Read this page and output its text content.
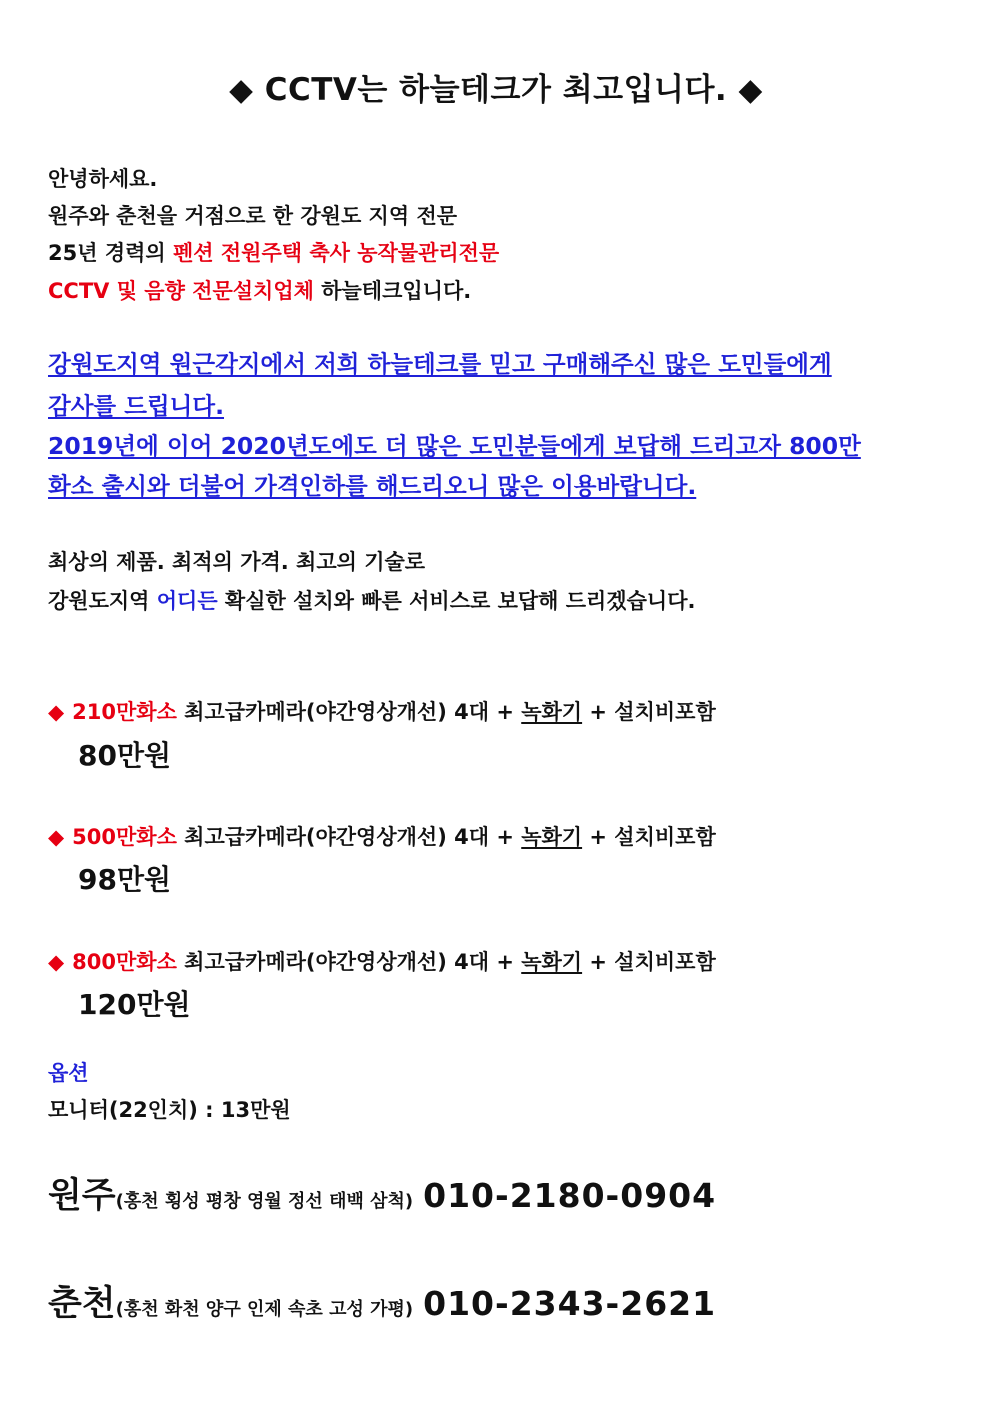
◆ CCTV는 하늘테크가 최고입니다. ◆
안녕하세요.
원주와 춘천을 거점으로 한 강원도 지역 전문
25년 경력의 펜션 전원주택 축사 농작물관리전문
CCTV 및 음향 전문설치업체 하늘테크입니다.
강원도지역 원근각지에서 저희 하늘테크를 믿고 구매해주신 많은 도민들에게
감사를 드립니다.
2019년에 이어 2020년도에도 더 많은 도민분들에게 보답해 드리고자 800만
화소 출시와 더불어 가격인하를 해드리오니 많은 이용바랍니다.
최상의 제품. 최적의 가격. 최고의 기술로
강원도지역 어디든 확실한 설치와 빠른 서비스로 보답해 드리겠습니다.
◆ 210만화소 최고급카메라(야간영상개선) 4대 + 녹화기 + 설치비포함
80만원
◆ 500만화소 최고급카메라(야간영상개선) 4대 + 녹화기 + 설치비포함
98만원
◆ 800만화소 최고급카메라(야간영상개선) 4대 + 녹화기 + 설치비포함
120만원
옵션
모니터(22인치) : 13만원
원주(홍천 횡성 평창 영월 정선 태백 삼척) 010-2180-0904
춘천(홍천 화천 양구 인제 속초 고성 가평) 010-2343-2621
